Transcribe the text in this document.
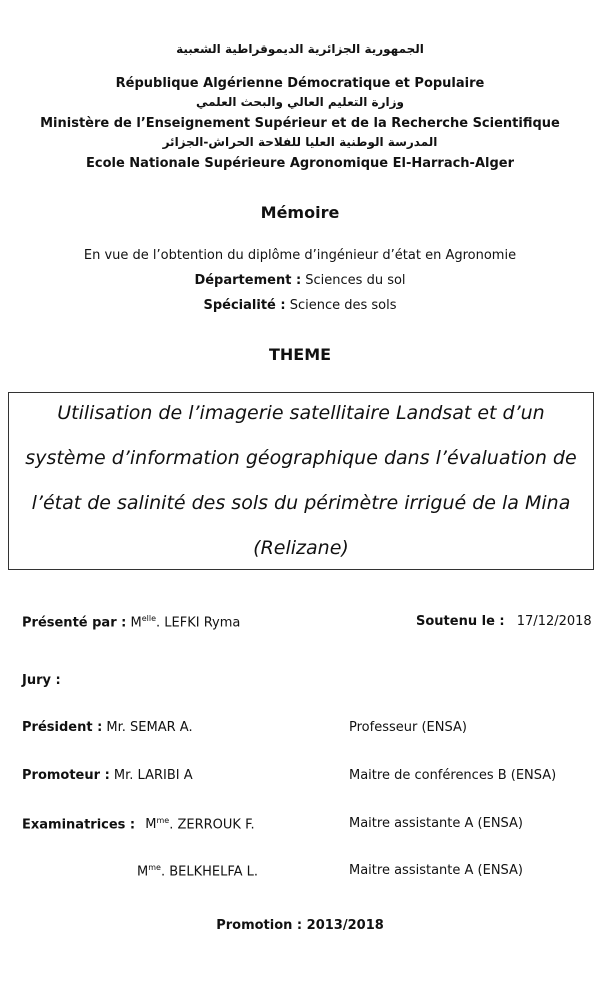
الجمهورية الجزائرية الديموقراطية الشعبية
République Algérienne Démocratique et Populaire
وزارة التعليم العالي والبحث العلمي
Ministère de l’Enseignement Supérieur et de la Recherche Scientifique
المدرسة الوطنية العليا للفلاحة الحراش-الجزائر
Ecole Nationale Supérieure Agronomique El-Harrach-Alger
Mémoire
En vue de l’obtention du diplôme d’ingénieur d’état en Agronomie
Département : Sciences du sol
Spécialité : Science des sols
THEME
Utilisation de l’imagerie satellitaire Landsat et d’un
système d’information géographique dans l’évaluation de
l’état de salinité des sols du périmètre irrigué de la Mina
(Relizane)
Présenté par : $M^{elle}$. LEFKI Ryma	Soutenu le : 17/12/2018
Jury :
Président : Mr. SEMAR A.	Professeur (ENSA)
Promoteur : Mr. LARIBI A	Maitre de conférences B (ENSA)
Examinatrices : $M^{me}$. ZERROUK F.	Maitre assistante A (ENSA)
$M^{me}$. BELKHELFA L.	Maitre assistante A (ENSA)
Promotion : 2013/2018
